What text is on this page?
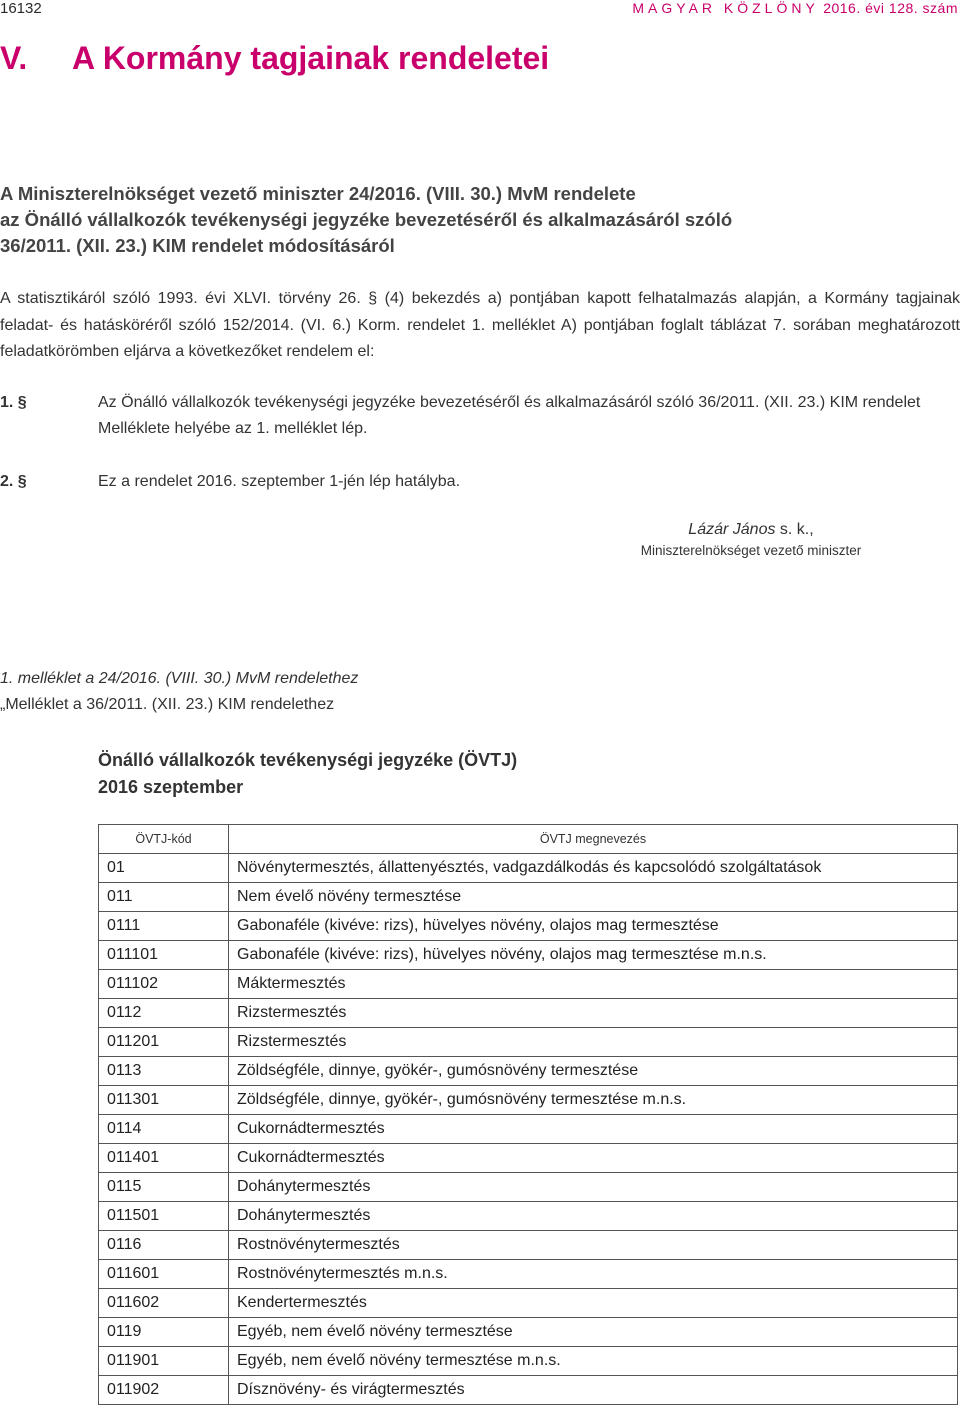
16132	MAGYAR KÖZLÖNY 2016. évi 128. szám
V. A Kormány tagjainak rendeletei
A Miniszterelnökséget vezető miniszter 24/2016. (VIII. 30.) MvM rendelete
az Önálló vállalkozók tevékenységi jegyzéke bevezetéséről és alkalmazásáról szóló
36/2011. (XII. 23.) KIM rendelet módosításáról
A statisztikáról szóló 1993. évi XLVI. törvény 26. § (4) bekezdés a) pontjában kapott felhatalmazás alapján, a Kormány tagjainak feladat- és hatásköréről szóló 152/2014. (VI. 6.) Korm. rendelet 1. melléklet A) pontjában foglalt táblázat 7. sorában meghatározott feladatkörömben eljárva a következőket rendelem el:
1. §	Az Önálló vállalkozók tevékenységi jegyzéke bevezetéséről és alkalmazásáról szóló 36/2011. (XII. 23.) KIM rendelet
Melléklete helyébe az 1. melléklet lép.
2. §	Ez a rendelet 2016. szeptember 1-jén lép hatályba.
Lázár János s. k.,
Miniszterelnökséget vezető miniszter
1. melléklet a 24/2016. (VIII. 30.) MvM rendelethez
„Melléklet a 36/2011. (XII. 23.) KIM rendelethez
Önálló vállalkozók tevékenységi jegyzéke (ÖVTJ)
2016 szeptember
ÖVTJ-kód	ÖVTJ megnevezés
01	Növénytermesztés, állattenyésztés, vadgazdálkodás és kapcsolódó szolgáltatások
011	Nem évelő növény termesztése
0111	Gabonaféle (kivéve: rizs), hüvelyes növény, olajos mag termesztése
011101	Gabonaféle (kivéve: rizs), hüvelyes növény, olajos mag termesztése m.n.s.
011102	Máktermesztés
0112	Rizstermesztés
011201	Rizstermesztés
0113	Zöldségféle, dinnye, gyökér-, gumósnövény termesztése
011301	Zöldségféle, dinnye, gyökér-, gumósnövény termesztése m.n.s.
0114	Cukornádtermesztés
011401	Cukornádtermesztés
0115	Dohánytermesztés
011501	Dohánytermesztés
0116	Rostnövénytermesztés
011601	Rostnövénytermesztés m.n.s.
011602	Kendertermesztés
0119	Egyéb, nem évelő növény termesztése
011901	Egyéb, nem évelő növény termesztése m.n.s.
011902	Dísznövény- és virágtermesztés
